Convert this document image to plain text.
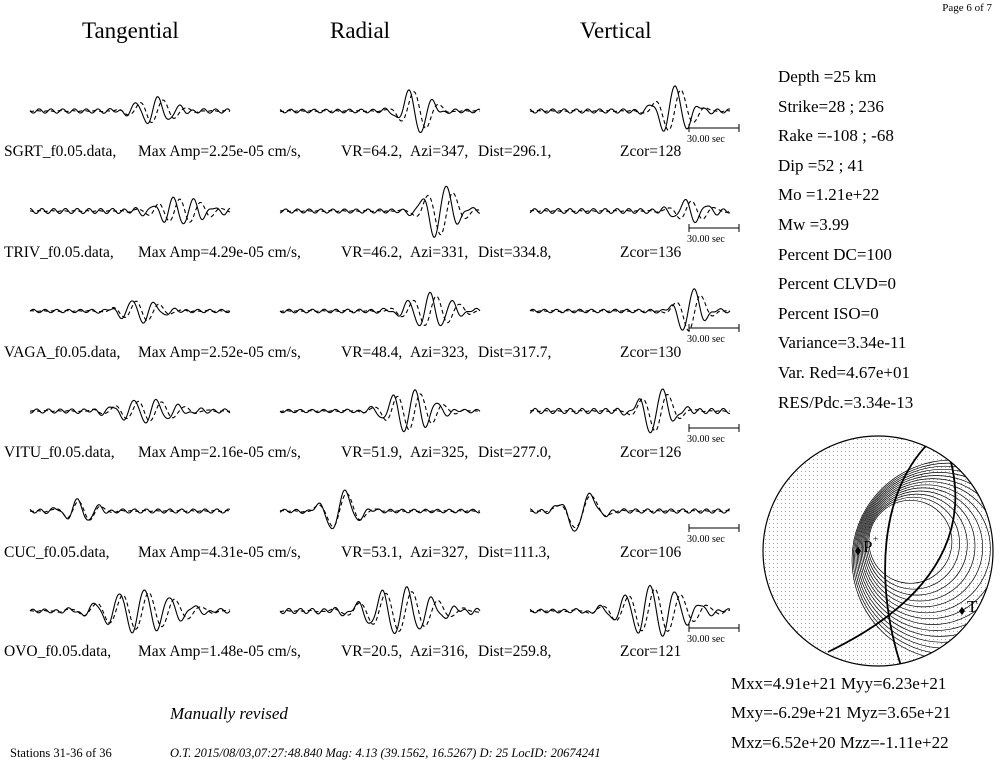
Page 6 of 7
Tangential	Radial	Vertical
30.00 sec
30.00 sec
30.00 sec
30.00 sec
30.00 sec
30.00 sec
SGRT_f0.05.data, Max Amp=2.25e-05 cm/s,	VR=64.2, Azi=347, Dist=296.1,	Zcor=128
TRIV_f0.05.data, Max Amp=4.29e-05 cm/s,	VR=46.2, Azi=331, Dist=334.8,	Zcor=136
VAGA_f0.05.data, Max Amp=2.52e-05 cm/s,	VR=48.4, Azi=323, Dist=317.7,	Zcor=130
VITU_f0.05.data, Max Amp=2.16e-05 cm/s,	VR=51.9, Azi=325, Dist=277.0,	Zcor=126
CUC_f0.05.data, Max Amp=4.31e-05 cm/s,	VR=53.1, Azi=327, Dist=111.3,	Zcor=106
OVO_f0.05.data, Max Amp=1.48e-05 cm/s,	VR=20.5, Azi=316, Dist=259.8,	Zcor=121
Depth =25 km
Strike=28 ; 236
Rake =-108 ; -68
Dip =52 ; 41
Mo =1.21e+22
Mw =3.99
Percent DC=100
Percent CLVD=0
Percent ISO=0
Variance=3.34e-11
Var. Red=4.67e+01
RES/Pdc.=3.34e-13
P +
T
Mxx=4.91e+21 Myy=6.23e+21
Mxy=-6.29e+21 Myz=3.65e+21
Mxz=6.52e+20 Mzz=-1.11e+22
Manually revised
Stations 31-36 of 36	O.T. 2015/08/03,07:27:48.840 Mag: 4.13 (39.1562, 16.5267) D: 25 LocID: 20674241
